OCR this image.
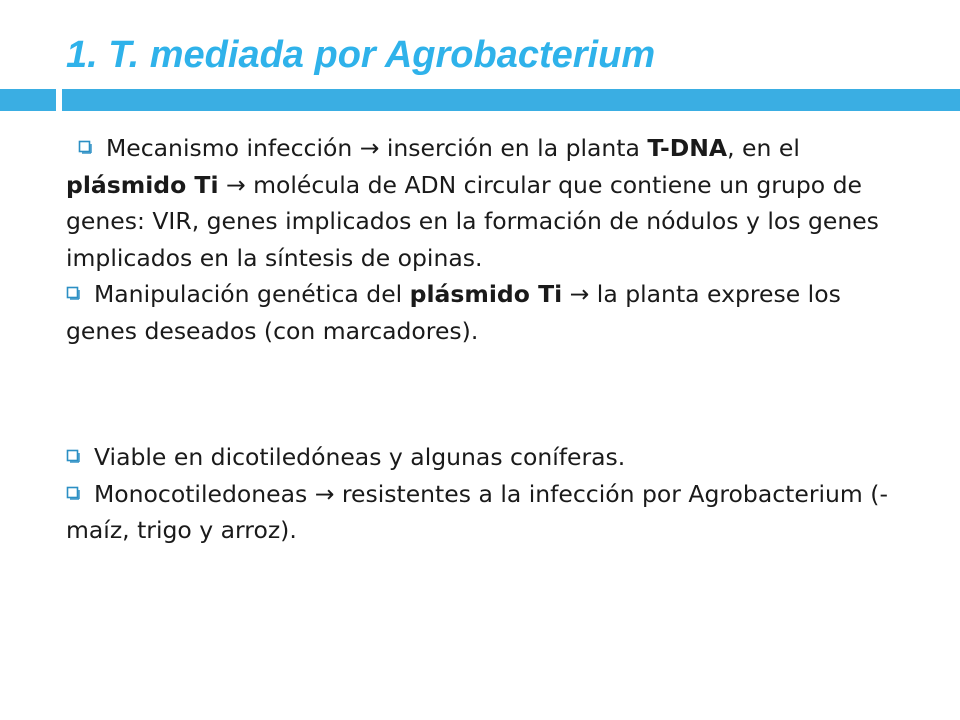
1. T. mediada por Agrobacterium

Mecanismo infección → inserción en la planta T-DNA, en el plásmido Ti → molécula de ADN circular que contiene un grupo de genes: VIR, genes implicados en la formación de nódulos y los genes implicados en la síntesis de opinas.

Manipulación genética del plásmido Ti → la planta exprese los genes deseados (con marcadores).

Viable en dicotiledóneas y algunas coníferas.

Monocotiledoneas → resistentes a la infección por Agrobacterium (- maíz, trigo y arroz).
